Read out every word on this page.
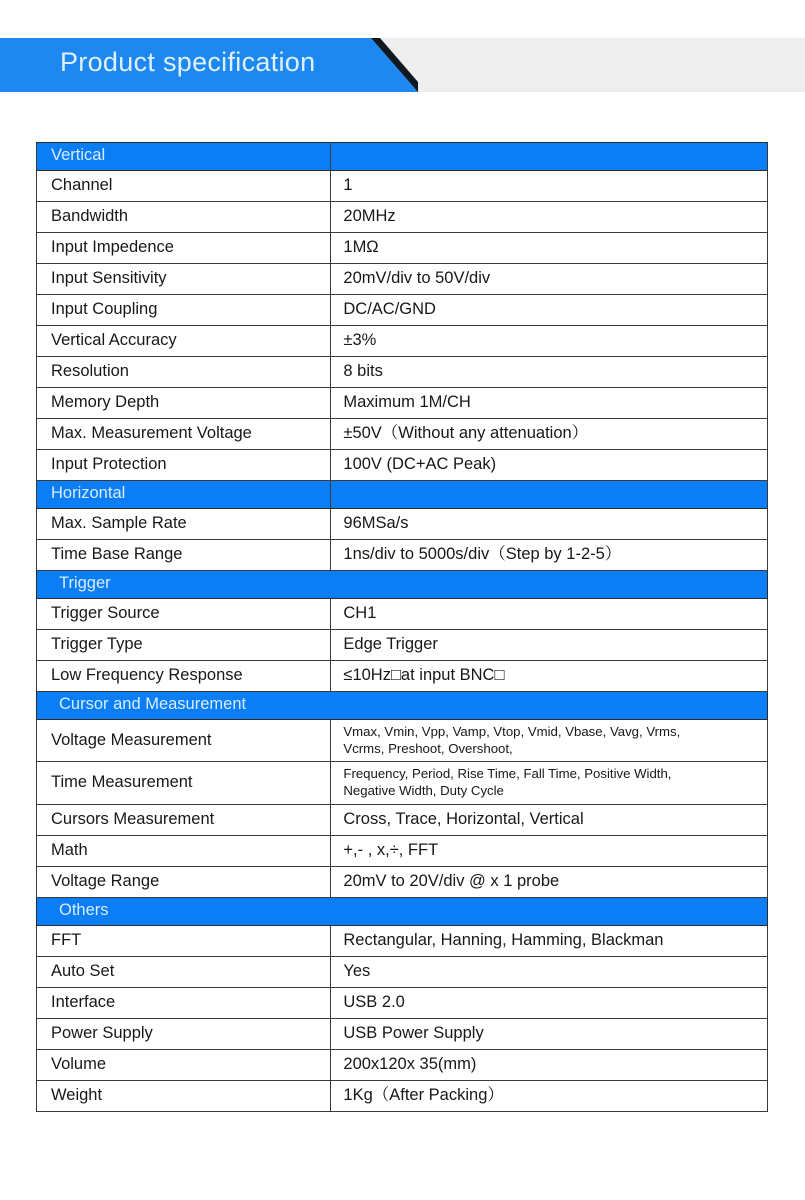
Product specification
Vertical	

Channel	1

Bandwidth	20MHz

Input Impedence	1MΩ

Input Sensitivity	20mV/div to 50V/div

Input Coupling	DC/AC/GND

Vertical Accuracy	±3%

Resolution	8 bits

Memory Depth	Maximum 1M/CH

Max. Measurement Voltage	±50V（Without any attenuation）

Input Protection	100V (DC+AC Peak)

Horizontal	

Max. Sample Rate	96MSa/s

Time Base Range	1ns/div to 5000s/div（Step by 1-2-5）

Trigger	

Trigger Source	CH1

Trigger Type	Edge Trigger

Low Frequency Response	≤10Hz□at input BNC□

Cursor and Measurement	

Voltage Measurement	Vmax, Vmin, Vpp, Vamp, Vtop, Vmid, Vbase, Vavg, Vrms,
Vcrms, Preshoot, Overshoot,

Time Measurement	Frequency, Period, Rise Time, Fall Time, Positive Width,
Negative Width, Duty Cycle

Cursors Measurement	Cross, Trace, Horizontal, Vertical

Math	+,- , x,÷, FFT

Voltage Range	20mV to 20V/div @ x 1 probe

Others	

FFT	Rectangular, Hanning, Hamming, Blackman

Auto Set	Yes

Interface	USB 2.0

Power Supply	USB Power Supply

Volume	200x120x 35(mm)

Weight	1Kg（After Packing）
